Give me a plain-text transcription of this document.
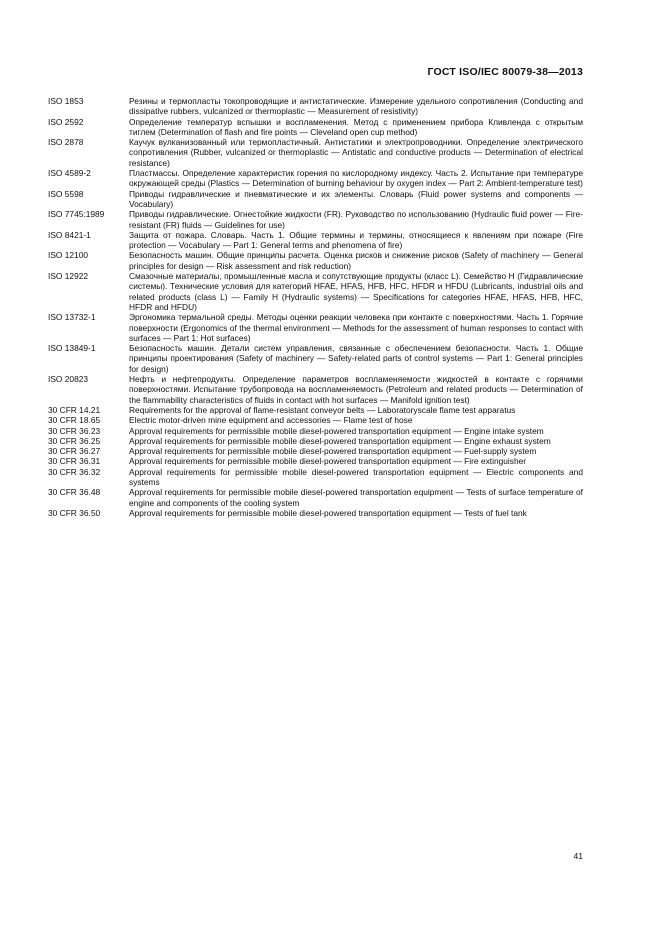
ГОСТ ISO/IEC 80079-38—2013
ISO 1853	Резины и термопласты токопроводящие и антистатические. Измерение удельного сопротивления (Conducting and dissipative rubbers, vulcanized or thermoplastic — Measurement of resistivity)
ISO 2592	Определение температур вспышки и воспламенения. Метод с применением прибора Кливленда с открытым тиглем (Determination of flash and fire points — Cleveland open cup method)
ISO 2878	Каучук вулканизованный или термопластичный. Антистатики и электропроводники. Определение электрического сопротивления (Rubber, vulcanized or thermoplastic — Antistatic and conductive products — Determination of electrical resistance)
ISO 4589-2	Пластмассы. Определение характеристик горения по кислородному индексу. Часть 2. Испытание при температуре окружающей среды (Plastics — Determination of burning behaviour by oxygen index — Part 2: Ambient-temperature test)
ISO 5598	Приводы гидравлические и пневматические и их элементы. Словарь (Fluid power systems and components — Vocabulary)
ISO 7745:1989	Приводы гидравлические. Огнестойкие жидкости (FR). Руководство по использованию (Hydraulic fluid power — Fire-resistant (FR) fluids — Guidelines for use)
ISO 8421-1	Защита от пожара. Словарь. Часть 1. Общие термины и термины, относящиеся к явлениям при пожаре (Fire protection — Vocabulary — Part 1: General terms and phenomena of fire)
ISO 12100	Безопасность машин. Общие принципы расчета. Оценка рисков и снижение рисков (Safety of machinery — General principles for design — Risk assessment and risk reduction)
ISO 12922	Смазочные материалы, промышленные масла и сопутствующие продукты (класс L). Семейство H (Гидравлические системы). Технические условия для категорий HFAE, HFAS, HFB, HFC, HFDR и HFDU (Lubricants, industrial oils and related products (class L) — Family H (Hydraulic systems) — Specifications for categories HFAE, HFAS, HFB, HFC, HFDR and HFDU)
ISO 13732-1	Эргономика термальной среды. Методы оценки реакции человека при контакте с поверхностями. Часть 1. Горячие поверхности (Ergonomics of the thermal environment — Methods for the assessment of human responses to contact with surfaces — Part 1: Hot surfaces)
ISO 13849-1	Безопасность машин. Детали систем управления, связанные с обеспечением безопасности. Часть 1. Общие принципы проектирования (Safety of machinery — Safety-related parts of control systems — Part 1: General principles for design)
ISO 20823	Нефть и нефтепродукты. Определение параметров воспламеняемости жидкостей в контакте с горячими поверхностями. Испытание трубопровода на воспламеняемость (Petroleum and related products — Determination of the flammability characteristics of fluids in contact with hot surfaces — Manifold ignition test)
30 CFR 14.21	Requirements for the approval of flame-resistant conveyor belts — Laboratoryscale flame test apparatus
30 CFR 18.65	Electric motor-driven mine equipment and accessories — Flame test of hose
30 CFR 36.23	Approval requirements for permissible mobile diesel-powered transportation equipment — Engine intake system
30 CFR 36.25	Approval requirements for permissible mobile diesel-powered transportation equipment — Engine exhaust system
30 CFR 36.27	Approval requirements for permissible mobile diesel-powered transportation equipment — Fuel-supply system
30 CFR 36.31	Approval requirements for permissible mobile diesel-powered transportation equipment — Fire extinguisher
30 CFR 36.32	Approval requirements for permissible mobile diesel-powered transportation equipment — Electric components and systems
30 CFR 36.48	Approval requirements for permissible mobile diesel-powered transportation equipment — Tests of surface temperature of engine and components of the cooling system
30 CFR 36.50	Approval requirements for permissible mobile diesel-powered transportation equipment — Tests of fuel tank
41
